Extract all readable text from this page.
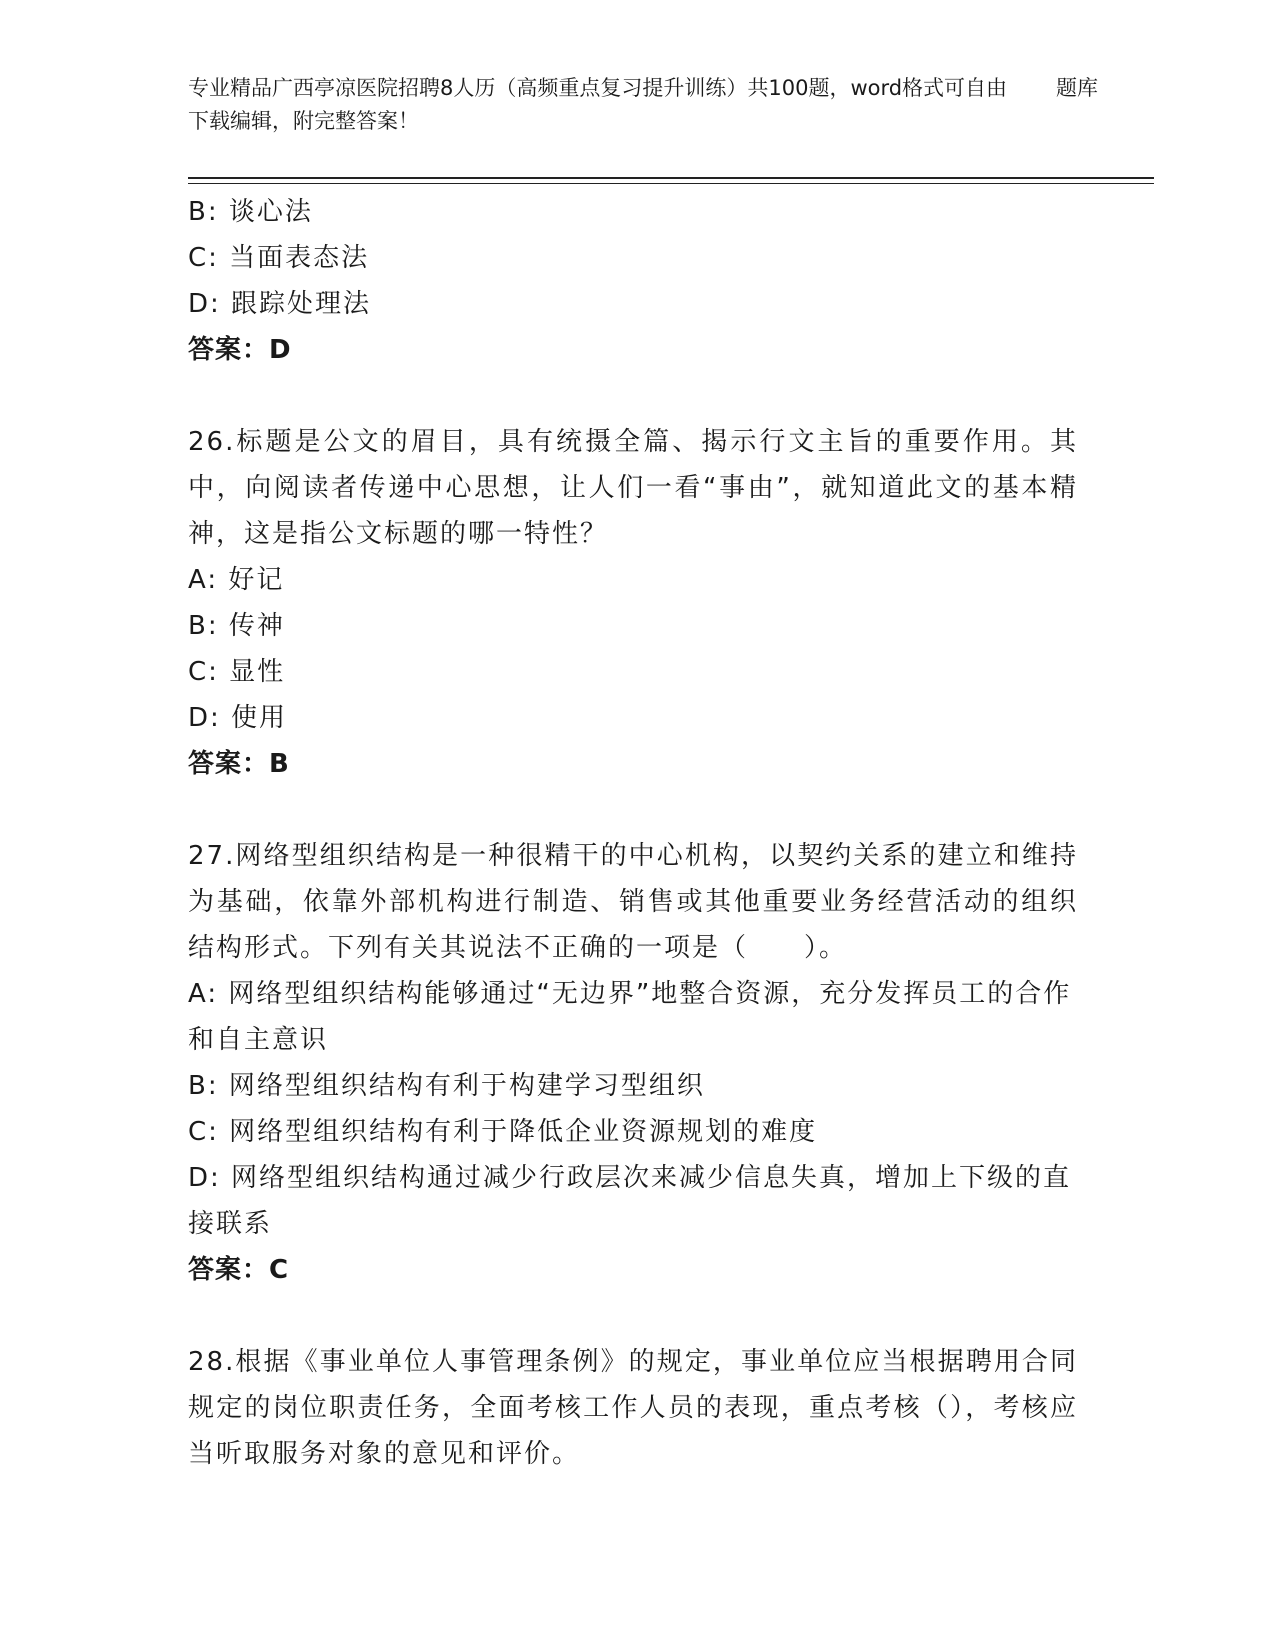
专业精品广西亭凉医院招聘8人历（高频重点复习提升训练）共100题，word格式可自由下载编辑，附完整答案！
题库

B: 谈心法

C: 当面表态法

D: 跟踪处理法

答案：D

26.标题是公文的眉目，具有统摄全篇、揭示行文主旨的重要作用。其中，向阅读者传递中心思想，让人们一看“事由”，就知道此文的基本精神，这是指公文标题的哪一特性？

A: 好记

B: 传神

C: 显性

D: 使用

答案：B

27.网络型组织结构是一种很精干的中心机构，以契约关系的建立和维持为基础，依靠外部机构进行制造、销售或其他重要业务经营活动的组织结构形式。下列有关其说法不正确的一项是（　　）。

A: 网络型组织结构能够通过“无边界”地整合资源，充分发挥员工的合作和自主意识

B: 网络型组织结构有利于构建学习型组织

C: 网络型组织结构有利于降低企业资源规划的难度

D: 网络型组织结构通过减少行政层次来减少信息失真，增加上下级的直接联系

答案：C

28.根据《事业单位人事管理条例》的规定，事业单位应当根据聘用合同规定的岗位职责任务，全面考核工作人员的表现，重点考核（），考核应当听取服务对象的意见和评价。
